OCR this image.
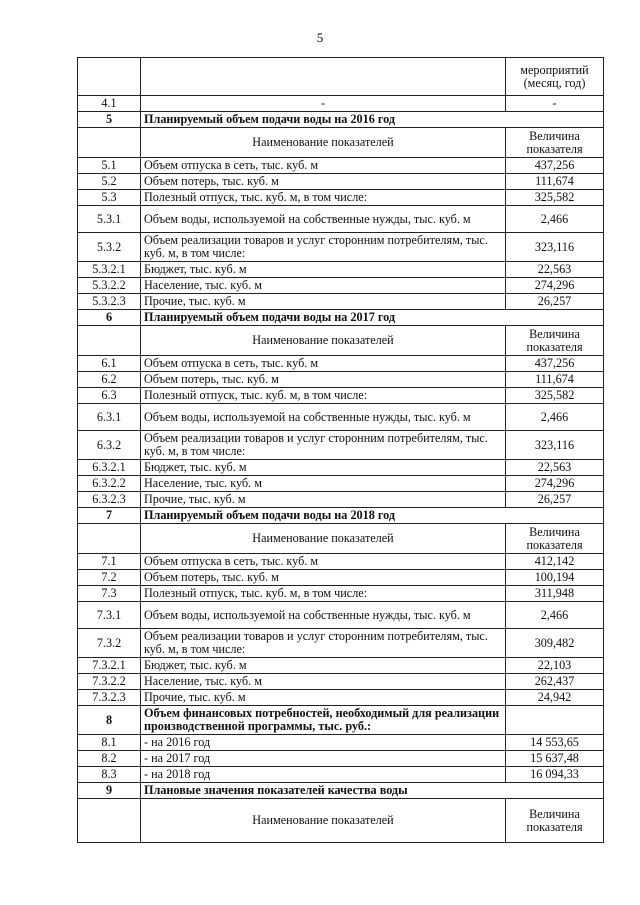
5
		мероприятий (месяц, год)
4.1	-	-
5	Планируемый объем подачи воды на 2016 год	
	Наименование показателей	Величина показателя
5.1	Объем отпуска в сеть, тыс. куб. м	437,256
5.2	Объем потерь, тыс. куб. м	111,674
5.3	Полезный отпуск, тыс. куб. м, в том числе:	325,582
5.3.1	Объем воды, используемой на собственные нужды, тыс. куб. м	2,466
5.3.2	Объем реализации товаров и услуг сторонним потребителям, тыс. куб. м, в том числе:	323,116
5.3.2.1	Бюджет, тыс. куб. м	22,563
5.3.2.2	Население, тыс. куб. м	274,296
5.3.2.3	Прочие, тыс. куб. м	26,257
6	Планируемый объем подачи воды на 2017 год	
	Наименование показателей	Величина показателя
6.1	Объем отпуска в сеть, тыс. куб. м	437,256
6.2	Объем потерь, тыс. куб. м	111,674
6.3	Полезный отпуск, тыс. куб. м, в том числе:	325,582
6.3.1	Объем воды, используемой на собственные нужды, тыс. куб. м	2,466
6.3.2	Объем реализации товаров и услуг сторонним потребителям, тыс. куб. м, в том числе:	323,116
6.3.2.1	Бюджет, тыс. куб. м	22,563
6.3.2.2	Население, тыс. куб. м	274,296
6.3.2.3	Прочие, тыс. куб. м	26,257
7	Планируемый объем подачи воды на 2018 год	
	Наименование показателей	Величина показателя
7.1	Объем отпуска в сеть, тыс. куб. м	412,142
7.2	Объем потерь, тыс. куб. м	100,194
7.3	Полезный отпуск, тыс. куб. м, в том числе:	311,948
7.3.1	Объем воды, используемой на собственные нужды, тыс. куб. м	2,466
7.3.2	Объем реализации товаров и услуг сторонним потребителям, тыс. куб. м, в том числе:	309,482
7.3.2.1	Бюджет, тыс. куб. м	22,103
7.3.2.2	Население, тыс. куб. м	262,437
7.3.2.3	Прочие, тыс. куб. м	24,942
8	Объем финансовых потребностей, необходимый для реализации производственной программы, тыс. руб.:	
8.1	- на 2016 год	14 553,65
8.2	- на 2017 год	15 637,48
8.3	- на 2018 год	16 094,33
9	Плановые значения показателей качества воды	
	Наименование показателей	Величина показателя
